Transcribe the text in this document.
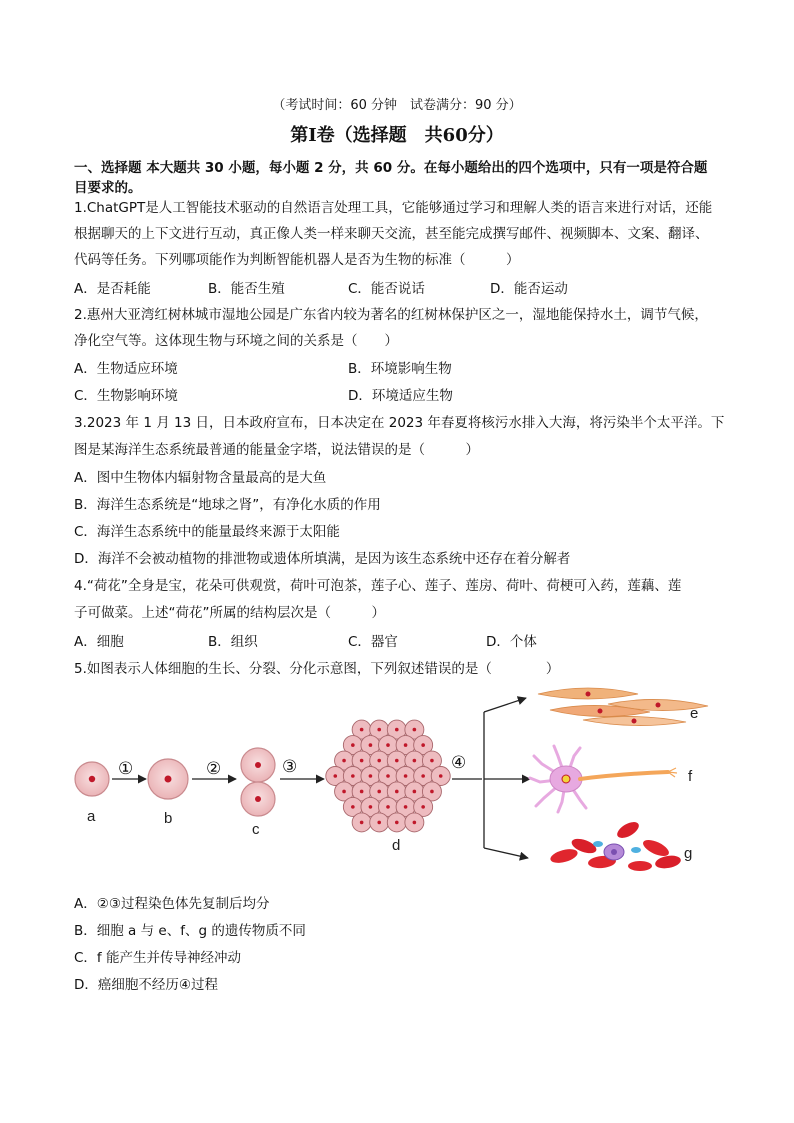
（考试时间：60 分钟　试卷满分：90 分）
第Ⅰ卷（选择题　共60分）
一、选择题 本大题共 30 小题，每小题 2 分，共 60 分。在每小题给出的四个选项中，只有一项是符合题
目要求的。
1.ChatGPT是人工智能技术驱动的自然语言处理工具，它能够通过学习和理解人类的语言来进行对话，还能
根据聊天的上下文进行互动，真正像人类一样来聊天交流，甚至能完成撰写邮件、视频脚本、文案、翻译、
代码等任务。下列哪项能作为判断智能机器人是否为生物的标准（　　　）
A．是否耗能	B．能否生殖	C．能否说话	D．能否运动
2.惠州大亚湾红树林城市湿地公园是广东省内较为著名的红树林保护区之一，湿地能保持水土，调节气候，
净化空气等。这体现生物与环境之间的关系是（　　）
A．生物适应环境	B．环境影响生物
C．生物影响环境	D．环境适应生物
3.2023 年 1 月 13 日，日本政府宣布，日本决定在 2023 年春夏将核污水排入大海，将污染半个太平洋。下
图是某海洋生态系统最普通的能量金字塔，说法错误的是（　　　）
A．图中生物体内辐射物含量最高的是大鱼
B．海洋生态系统是“地球之肾”，有净化水质的作用
C．海洋生态系统中的能量最终来源于太阳能
D．海洋不会被动植物的排泄物或遗体所填满，是因为该生态系统中还存在着分解者
4.“荷花”全身是宝，花朵可供观赏，荷叶可泡茶，莲子心、莲子、莲房、荷叶、荷梗可入药，莲藕、莲
子可做菜。上述“荷花”所属的结构层次是（　　　）
A．细胞	B．组织	C．器官	D．个体
5.如图表示人体细胞的生长、分裂、分化示意图，下列叙述错误的是（　　　　）
a
①
b
②
c
③
d
④
e
f
g
A．②③过程染色体先复制后均分
B．细胞 a 与 e、f、g 的遗传物质不同
C．f 能产生并传导神经冲动
D．癌细胞不经历④过程
